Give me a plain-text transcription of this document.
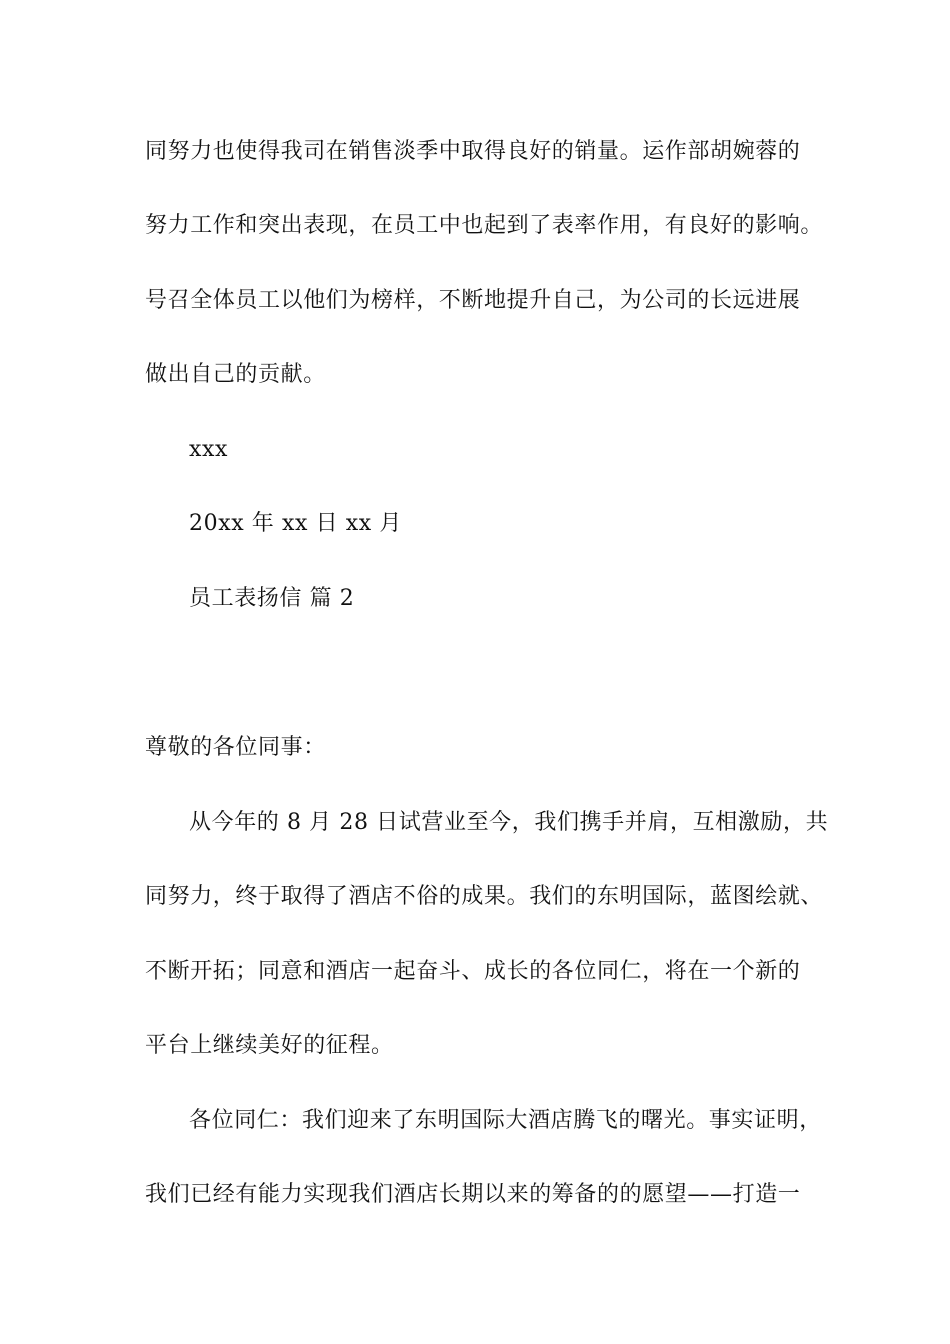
同努力也使得我司在销售淡季中取得良好的销量。运作部胡婉蓉的
努力工作和突出表现，在员工中也起到了表率作用，有良好的影响。
号召全体员工以他们为榜样，不断地提升自己，为公司的长远进展
做出自己的贡献。
xxx
20xx 年 xx 日 xx 月
员工表扬信 篇 2
尊敬的各位同事：
从今年的 8 月 28 日试营业至今，我们携手并肩，互相激励，共
同努力，终于取得了酒店不俗的成果。我们的东明国际，蓝图绘就、
不断开拓；同意和酒店一起奋斗、成长的各位同仁，将在一个新的
平台上继续美好的征程。
各位同仁：我们迎来了东明国际大酒店腾飞的曙光。事实证明，
我们已经有能力实现我们酒店长期以来的筹备的的愿望——打造一
